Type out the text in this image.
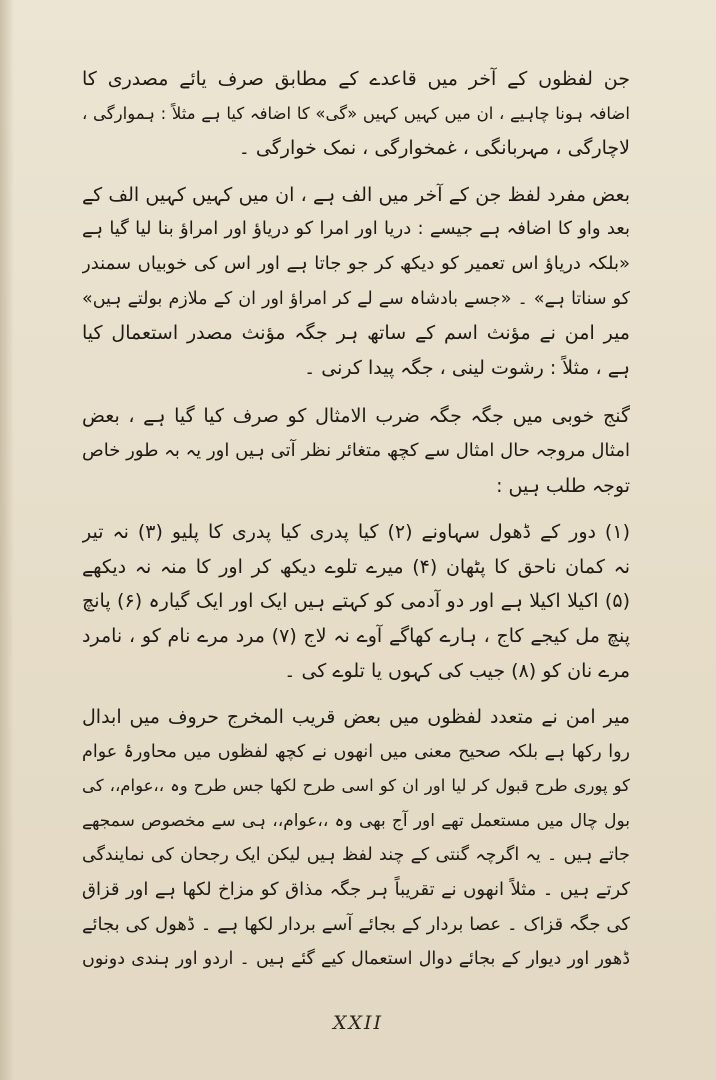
جن لفظوں کے آخر میں قاعدے کے مطابق صرف یائے مصدری کا
اضافہ ہونا چاہیے ، ان میں کہیں کہیں «گی» کا اضافہ کیا ہے مثلاً : ہموارگی ،
لاچارگی ، مہربانگی ، غمخوارگی ، نمک خوارگی ۔
بعض مفرد لفظ جن کے آخر میں الف ہے ، ان میں کہیں کہیں الف کے
بعد واو کا اضافہ ہے جیسے : دریا اور امرا کو دریاؤ اور امراؤ بنا لیا گیا ہے
«بلکہ دریاؤ اس تعمیر کو دیکھ کر جو جاتا ہے اور اس کی خوبیاں سمندر
کو سناتا ہے» ۔ «جسے بادشاہ سے لے کر امراؤ اور ان کے ملازم بولتے ہیں»
میر امن نے مؤنث اسم کے ساتھ ہر جگہ مؤنث مصدر استعمال کیا
ہے ، مثلاً : رشوت لینی ، جگہ پیدا کرنی ۔
گنج خوبی میں جگہ جگہ ضرب الامثال کو صرف کیا گیا ہے ، بعض
امثال مروجہ حال امثال سے کچھ متغائر نظر آتی ہیں اور یہ بہ طور خاص
توجہ طلب ہیں :
(۱) دور کے ڈھول سہاونے (۲) کیا پدری کیا پدری کا پلیو (۳) نہ تیر
نہ کمان ناحق کا پٹھان (۴) میرے تلوے دیکھ کر اور کا منہ نہ دیکھے
(۵) اکیلا اکیلا ہے اور دو آدمی کو کہتے ہیں ایک اور ایک گیارہ (۶) پانچ
پنچ مل کیجے کاج ، ہارے کھاگے آوے نہ لاج (۷) مرد مرے نام کو ، نامرد
مرے نان کو (۸) جیب کی کہوں یا تلوے کی ۔
میر امن نے متعدد لفظوں میں بعض قریب المخرج حروف میں ابدال
روا رکھا ہے بلکہ صحیح معنی میں انھوں نے کچھ لفظوں میں محاورۂ عوام
کو پوری طرح قبول کر لیا اور ان کو اسی طرح لکھا جس طرح وہ ،،عوام،، کی
بول چال میں مستعمل تھے اور آج بھی وہ ،،عوام،، ہی سے مخصوص سمجھے
جاتے ہیں ۔ یہ اگرچہ گنتی کے چند لفظ ہیں لیکن ایک رجحان کی نمایندگی
کرتے ہیں ۔ مثلاً انھوں نے تقریباً ہر جگہ مذاق کو مزاخ لکھا ہے اور قزاق
کی جگہ قزاک ۔ عصا بردار کے بجائے آسے بردار لکھا ہے ۔ ڈھول کی بجائے
ڈھور اور دیوار کے بجائے دوال استعمال کیے گئے ہیں ۔ اردو اور ہندی دونوں
XXII
